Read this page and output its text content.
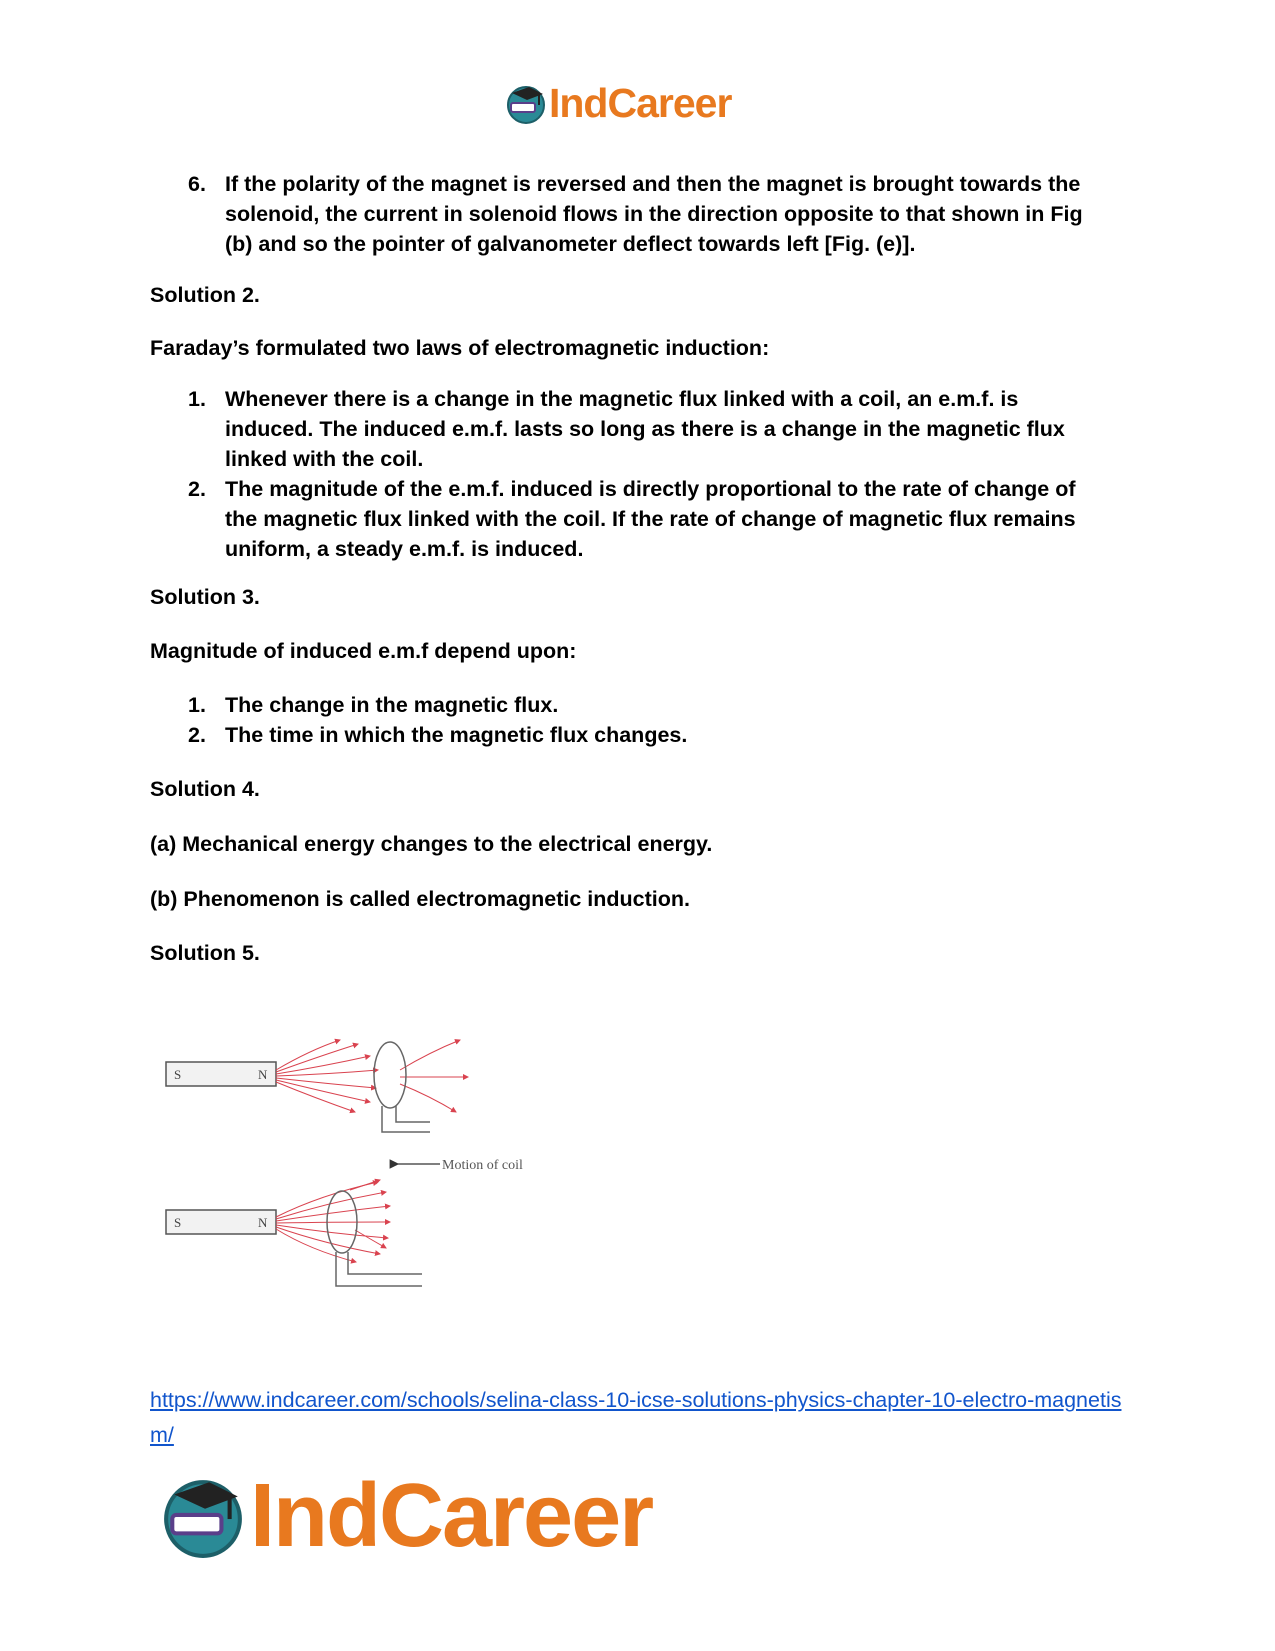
IndCareer
6. If the polarity of the magnet is reversed and then the magnet is brought towards the solenoid, the current in solenoid flows in the direction opposite to that shown in Fig (b) and so the pointer of galvanometer deflect towards left [Fig. (e)].
Solution 2.
Faraday’s formulated two laws of electromagnetic induction:
1. Whenever there is a change in the magnetic flux linked with a coil, an e.m.f. is induced. The induced e.m.f. lasts so long as there is a change in the magnetic flux linked with the coil.
2. The magnitude of the e.m.f. induced is directly proportional to the rate of change of the magnetic flux linked with the coil. If the rate of change of magnetic flux remains uniform, a steady e.m.f. is induced.
Solution 3.
Magnitude of induced e.m.f depend upon:
1. The change in the magnetic flux.
2. The time in which the magnetic flux changes.
Solution 4.
(a) Mechanical energy changes to the electrical energy.
(b) Phenomenon is called electromagnetic induction.
Solution 5.
S	N
Motion of coil
S	N
https://www.indcareer.com/schools/selina-class-10-icse-solutions-physics-chapter-10-electro-magnetism/
IndCareer
